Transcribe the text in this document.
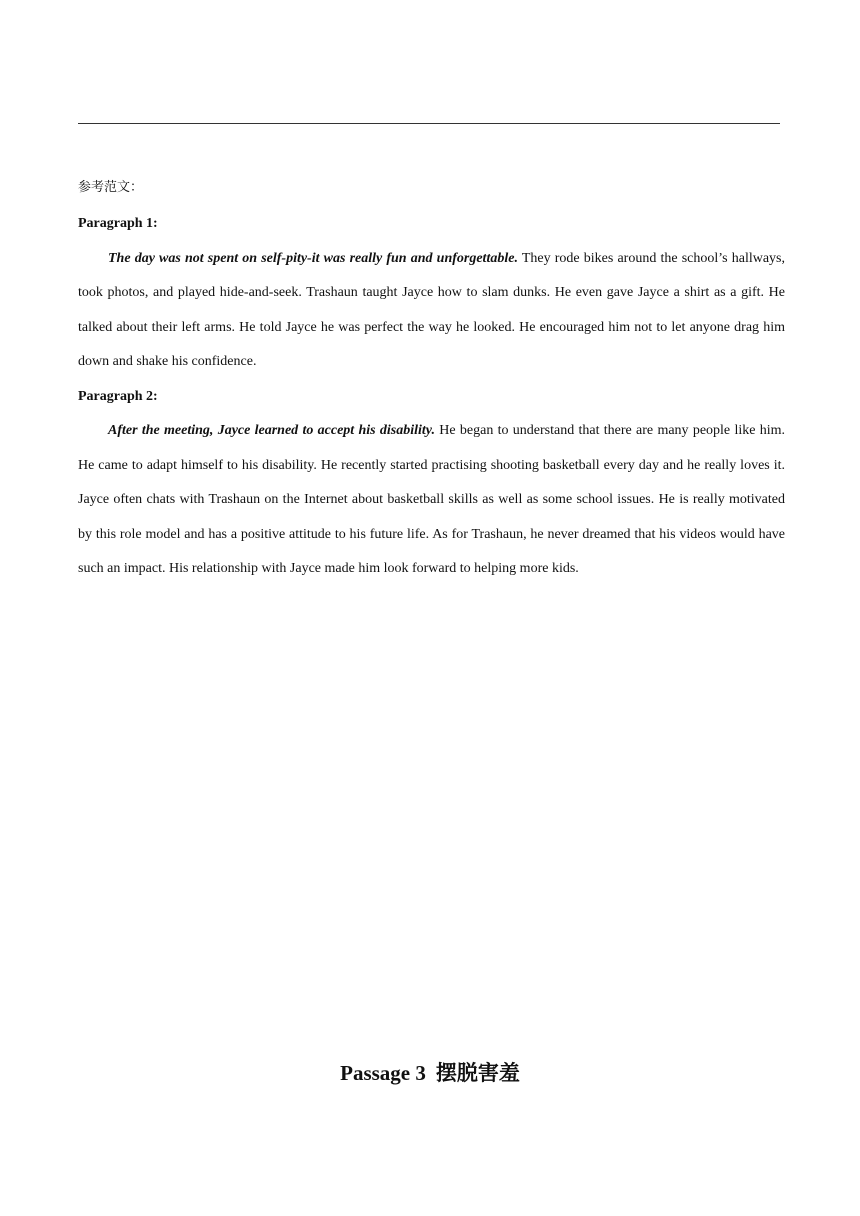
参考范文：

Paragraph 1:

The day was not spent on self-pity-it was really fun and unforgettable. They rode bikes around the school’s hallways, took photos, and played hide-and-seek. Trashaun taught Jayce how to slam dunks. He even gave Jayce a shirt as a gift. He talked about their left arms. He told Jayce he was perfect the way he looked. He encouraged him not to let anyone drag him down and shake his confidence.

Paragraph 2:

After the meeting, Jayce learned to accept his disability. He began to understand that there are many people like him. He came to adapt himself to his disability. He recently started practising shooting basketball every day and he really loves it. Jayce often chats with Trashaun on the Internet about basketball skills as well as some school issues. He is really motivated by this role model and has a positive attitude to his future life. As for Trashaun, he never dreamed that his videos would have such an impact. His relationship with Jayce made him look forward to helping more kids.

Passage 3 摆脱害羞
